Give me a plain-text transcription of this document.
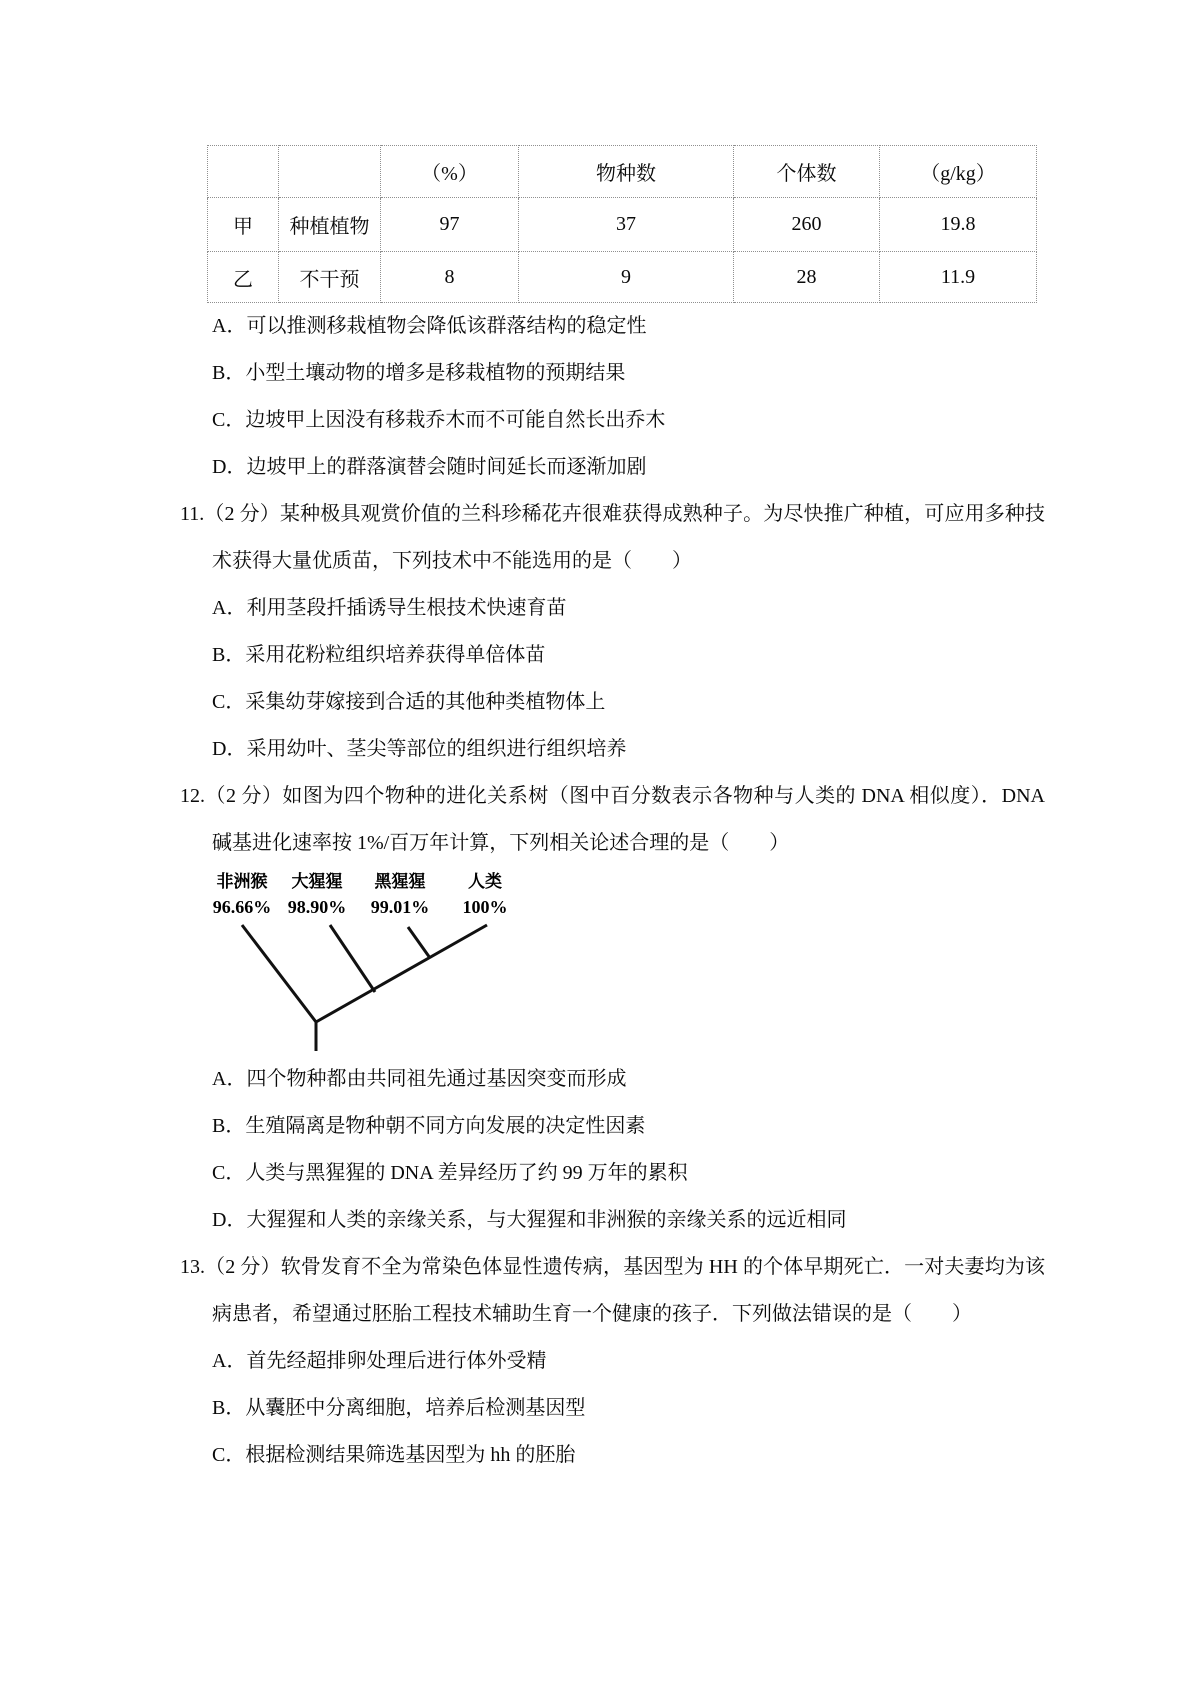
		（%）	物种数	个体数	（g/kg）
甲	种植植物	97	37	260	19.8
乙	不干预	8	9	28	11.9
A．可以推测移栽植物会降低该群落结构的稳定性
B．小型土壤动物的增多是移栽植物的预期结果
C．边坡甲上因没有移栽乔木而不可能自然长出乔木
D．边坡甲上的群落演替会随时间延长而逐渐加剧
11.（2 分）某种极具观赏价值的兰科珍稀花卉很难获得成熟种子。为尽快推广种植，可应用多种技术获得大量优质苗，下列技术中不能选用的是（　　）
A．利用茎段扦插诱导生根技术快速育苗
B．采用花粉粒组织培养获得单倍体苗
C．采集幼芽嫁接到合适的其他种类植物体上
D．采用幼叶、茎尖等部位的组织进行组织培养
12.（2 分）如图为四个物种的进化关系树（图中百分数表示各物种与人类的 DNA 相似度）．DNA 碱基进化速率按 1%/百万年计算，下列相关论述合理的是（　　）
非洲猴 大猩猩 黑猩猩	人类
96.66% 98.90% 99.01% 100%
A．四个物种都由共同祖先通过基因突变而形成
B．生殖隔离是物种朝不同方向发展的决定性因素
C．人类与黑猩猩的 DNA 差异经历了约 99 万年的累积
D．大猩猩和人类的亲缘关系，与大猩猩和非洲猴的亲缘关系的远近相同
13.（2 分）软骨发育不全为常染色体显性遗传病，基因型为 HH 的个体早期死亡．一对夫妻均为该病患者，希望通过胚胎工程技术辅助生育一个健康的孩子．下列做法错误的是（　　）
A．首先经超排卵处理后进行体外受精
B．从囊胚中分离细胞，培养后检测基因型
C．根据检测结果筛选基因型为 hh 的胚胎
